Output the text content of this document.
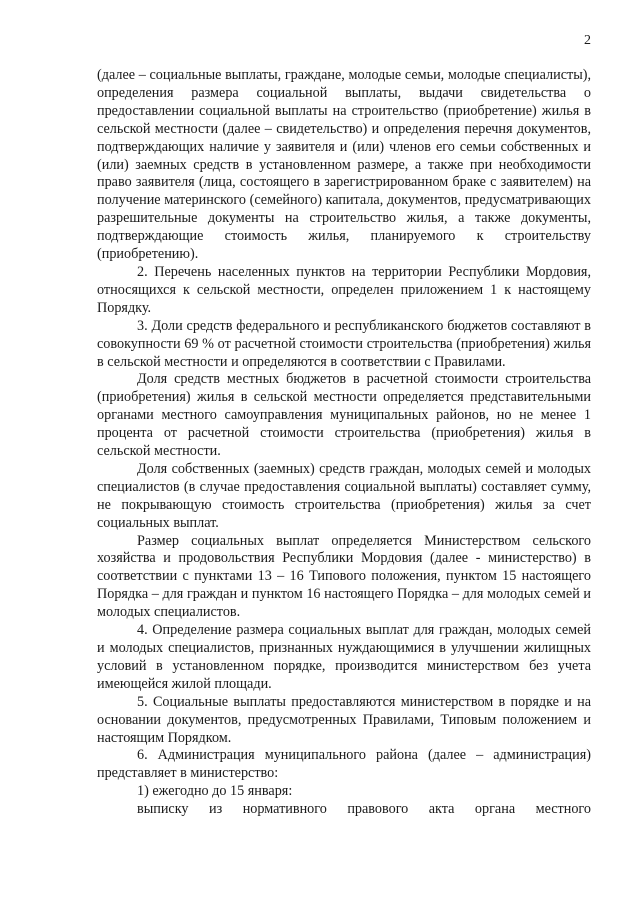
2

(далее – социальные выплаты, граждане, молодые семьи, молодые специалисты), определения размера социальной выплаты, выдачи свидетельства о предоставлении социальной выплаты на строительство (приобретение) жилья в сельской местности (далее – свидетельство) и определения перечня документов, подтверждающих наличие у заявителя и (или) членов его семьи собственных и (или) заемных средств в установленном размере, а также при необходимости право заявителя (лица, состоящего в зарегистрированном браке с заявителем) на получение материнского (семейного) капитала, документов, предусматривающих разрешительные документы на строительство жилья, а также документы, подтверждающие стоимость жилья, планируемого к строительству (приобретению).

2. Перечень населенных пунктов на территории Республики Мордовия, относящихся к сельской местности, определен приложением 1 к настоящему Порядку.

3. Доли средств федерального и республиканского бюджетов составляют в совокупности 69 % от расчетной стоимости строительства (приобретения) жилья в сельской местности и определяются в соответствии с Правилами.

Доля средств местных бюджетов в расчетной стоимости строительства (приобретения) жилья в сельской местности определяется представительными органами местного самоуправления муниципальных районов, но не менее 1 процента от расчетной стоимости строительства (приобретения) жилья в сельской местности.

Доля собственных (заемных) средств граждан, молодых семей и молодых специалистов (в случае предоставления социальной выплаты) составляет сумму, не покрывающую стоимость строительства (приобретения) жилья за счет социальных выплат.

Размер социальных выплат определяется Министерством сельского хозяйства и продовольствия Республики Мордовия (далее - министерство) в соответствии с пунктами 13 – 16 Типового положения, пунктом 15 настоящего Порядка – для граждан и пунктом 16 настоящего Порядка – для молодых семей и молодых специалистов.

4. Определение размера социальных выплат для граждан, молодых семей и молодых специалистов, признанных нуждающимися в улучшении жилищных условий в установленном порядке, производится министерством без учета имеющейся жилой площади.

5. Социальные выплаты предоставляются министерством в порядке и на основании документов, предусмотренных Правилами, Типовым положением и настоящим Порядком.

6. Администрация муниципального района (далее – администрация) представляет в министерство:

1) ежегодно до 15 января:

выписку из нормативного правового акта органа местного
